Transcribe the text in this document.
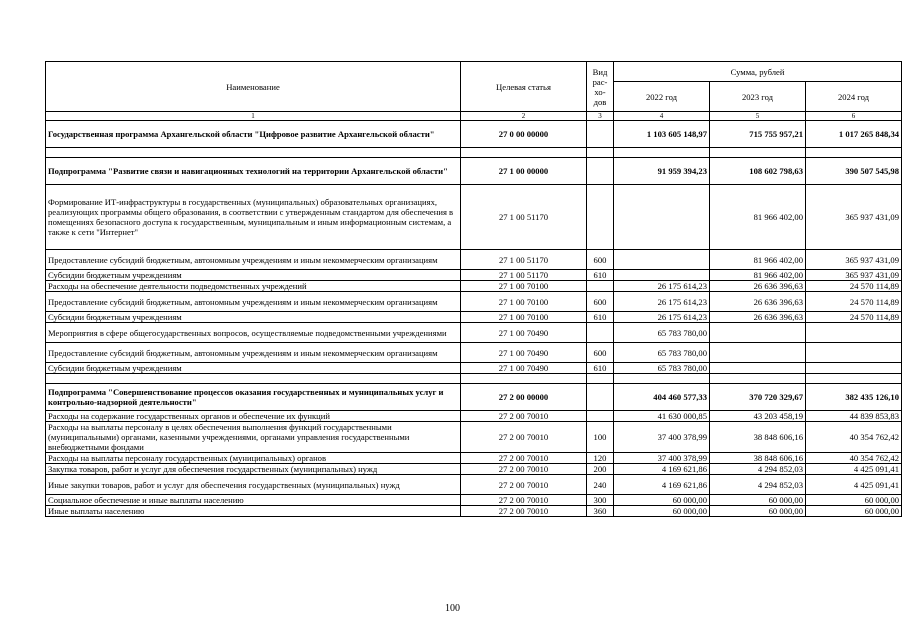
Наименование	Целевая статья	Вид рас-хо-дов	Сумма, рублей		
			2022 год	2023 год	2024 год
1	2	3	4	5	6
Государственная программа Архангельской области "Цифровое развитие Архангельской области"	27 0 00 00000		1 103 605 148,97	715 755 957,21	1 017 265 848,34

Подпрограмма "Развитие связи и навигационных технологий на территории Архангельской области"	27 1 00 00000		91 959 394,23	108 602 798,63	390 507 545,98
Формирование ИТ-инфраструктуры в государственных (муниципальных) образовательных организациях, реализующих программы общего образования, в соответствии с утвержденным стандартом для обеспечения в помещениях безопасного доступа к государственным, муниципальным и иным информационным системам, а также к сети "Интернет"	27 1 00 51170			81 966 402,00	365 937 431,09
Предоставление субсидий бюджетным, автономным учреждениям и иным некоммерческим организациям	27 1 00 51170	600		81 966 402,00	365 937 431,09
Субсидии бюджетным учреждениям	27 1 00 51170	610		81 966 402,00	365 937 431,09
Расходы на обеспечение деятельности подведомственных учреждений	27 1 00 70100		26 175 614,23	26 636 396,63	24 570 114,89
Предоставление субсидий бюджетным, автономным учреждениям и иным некоммерческим организациям	27 1 00 70100	600	26 175 614,23	26 636 396,63	24 570 114,89
Субсидии бюджетным учреждениям	27 1 00 70100	610	26 175 614,23	26 636 396,63	24 570 114,89
Мероприятия в сфере общегосударственных вопросов, осуществляемые подведомственными учреждениями	27 1 00 70490		65 783 780,00		
Предоставление субсидий бюджетным, автономным учреждениям и иным некоммерческим организациям	27 1 00 70490	600	65 783 780,00		
Субсидии бюджетным учреждениям	27 1 00 70490	610	65 783 780,00		

Подпрограмма "Совершенствование процессов оказания государственных и муниципальных услуг и контрольно-надзорной деятельности"	27 2 00 00000		404 460 577,33	370 720 329,67	382 435 126,10
Расходы на содержание государственных органов и обеспечение их функций	27 2 00 70010		41 630 000,85	43 203 458,19	44 839 853,83
Расходы на выплаты персоналу в целях обеспечения выполнения функций государственными (муниципальными) органами, казенными учреждениями, органами управления государственными внебюджетными фондами	27 2 00 70010	100	37 400 378,99	38 848 606,16	40 354 762,42
Расходы на выплаты персоналу государственных (муниципальных) органов	27 2 00 70010	120	37 400 378,99	38 848 606,16	40 354 762,42
Закупка товаров, работ и услуг для обеспечения государственных (муниципальных) нужд	27 2 00 70010	200	4 169 621,86	4 294 852,03	4 425 091,41
Иные закупки товаров, работ и услуг для обеспечения государственных (муниципальных) нужд	27 2 00 70010	240	4 169 621,86	4 294 852,03	4 425 091,41
Социальное обеспечение и иные выплаты населению	27 2 00 70010	300	60 000,00	60 000,00	60 000,00
Иные выплаты населению	27 2 00 70010	360	60 000,00	60 000,00	60 000,00
100
